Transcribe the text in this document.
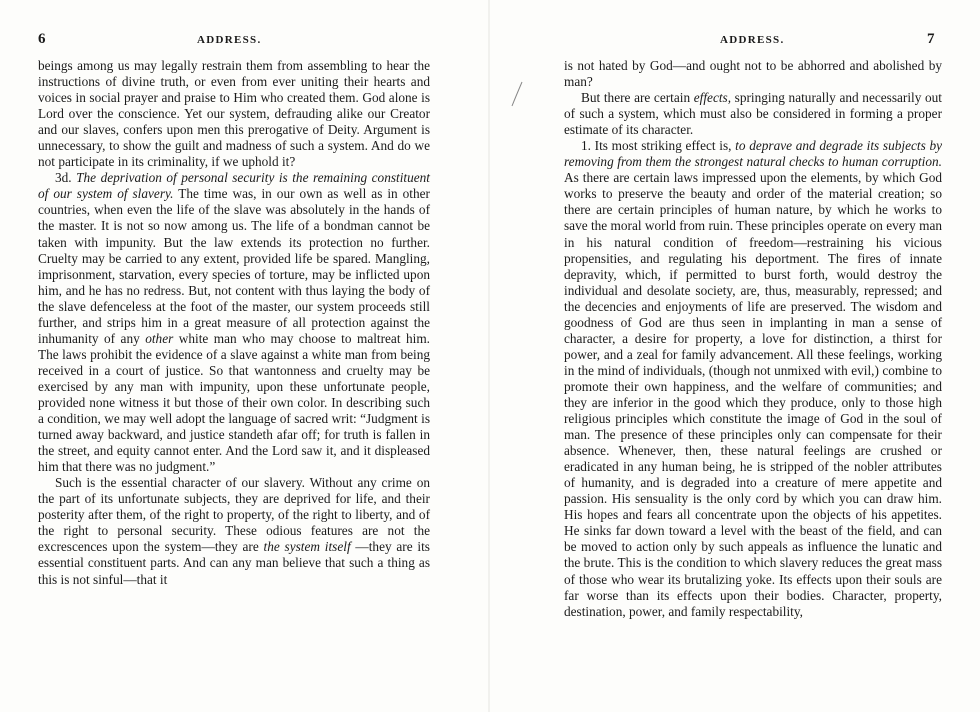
6	ADDRESS.

beings among us may legally restrain them from assembling to hear the instructions of divine truth, or even from ever uniting their hearts and voices in social prayer and praise to Him who created them. God alone is Lord over the conscience. Yet our system, defrauding alike our Creator and our slaves, confers upon men this prerogative of Deity. Argument is unnecessary, to show the guilt and madness of such a system. And do we not participate in its criminality, if we uphold it?

3d. The deprivation of personal security is the remaining constituent of our system of slavery. The time was, in our own as well as in other countries, when even the life of the slave was absolutely in the hands of the master. It is not so now among us. The life of a bondman cannot be taken with impunity. But the law extends its protection no further. Cruelty may be carried to any extent, provided life be spared. Mangling, imprisonment, starvation, every species of torture, may be inflicted upon him, and he has no redress. But, not content with thus laying the body of the slave defenceless at the foot of the master, our system proceeds still further, and strips him in a great measure of all protection against the inhumanity of any other white man who may choose to maltreat him. The laws prohibit the evidence of a slave against a white man from being received in a court of justice. So that wantonness and cruelty may be exercised by any man with impunity, upon these unfortunate people, provided none witness it but those of their own color. In describing such a condition, we may well adopt the language of sacred writ: “Judgment is turned away backward, and justice standeth afar off; for truth is fallen in the street, and equity cannot enter. And the Lord saw it, and it displeased him that there was no judgment.”

Such is the essential character of our slavery. Without any crime on the part of its unfortunate subjects, they are deprived for life, and their posterity after them, of the right to property, of the right to liberty, and of the right to personal security. These odious features are not the excrescences upon the system—they are the system itself —they are its essential constituent parts. And can any man believe that such a thing as this is not sinful—that it

ADDRESS.	7

is not hated by God—and ought not to be abhorred and abolished by man?

But there are certain effects, springing naturally and necessarily out of such a system, which must also be considered in forming a proper estimate of its character.

1. Its most striking effect is, to deprave and degrade its subjects by removing from them the strongest natural checks to human corruption. As there are certain laws impressed upon the elements, by which God works to preserve the beauty and order of the material creation; so there are certain principles of human nature, by which he works to save the moral world from ruin. These principles operate on every man in his natural condition of freedom—restraining his vicious propensities, and regulating his deportment. The fires of innate depravity, which, if permitted to burst forth, would destroy the individual and desolate society, are, thus, measurably, repressed; and the decencies and enjoyments of life are preserved. The wisdom and goodness of God are thus seen in implanting in man a sense of character, a desire for property, a love for distinction, a thirst for power, and a zeal for family advancement. All these feelings, working in the mind of individuals, (though not unmixed with evil,) combine to promote their own happiness, and the welfare of communities; and they are inferior in the good which they produce, only to those high religious principles which constitute the image of God in the soul of man. The presence of these principles only can compensate for their absence. Whenever, then, these natural feelings are crushed or eradicated in any human being, he is stripped of the nobler attributes of humanity, and is degraded into a creature of mere appetite and passion. His sensuality is the only cord by which you can draw him. His hopes and fears all concentrate upon the objects of his appetites. He sinks far down toward a level with the beast of the field, and can be moved to action only by such appeals as influence the lunatic and the brute. This is the condition to which slavery reduces the great mass of those who wear its brutalizing yoke. Its effects upon their souls are far worse than its effects upon their bodies. Character, property, destination, power, and family respectability,
